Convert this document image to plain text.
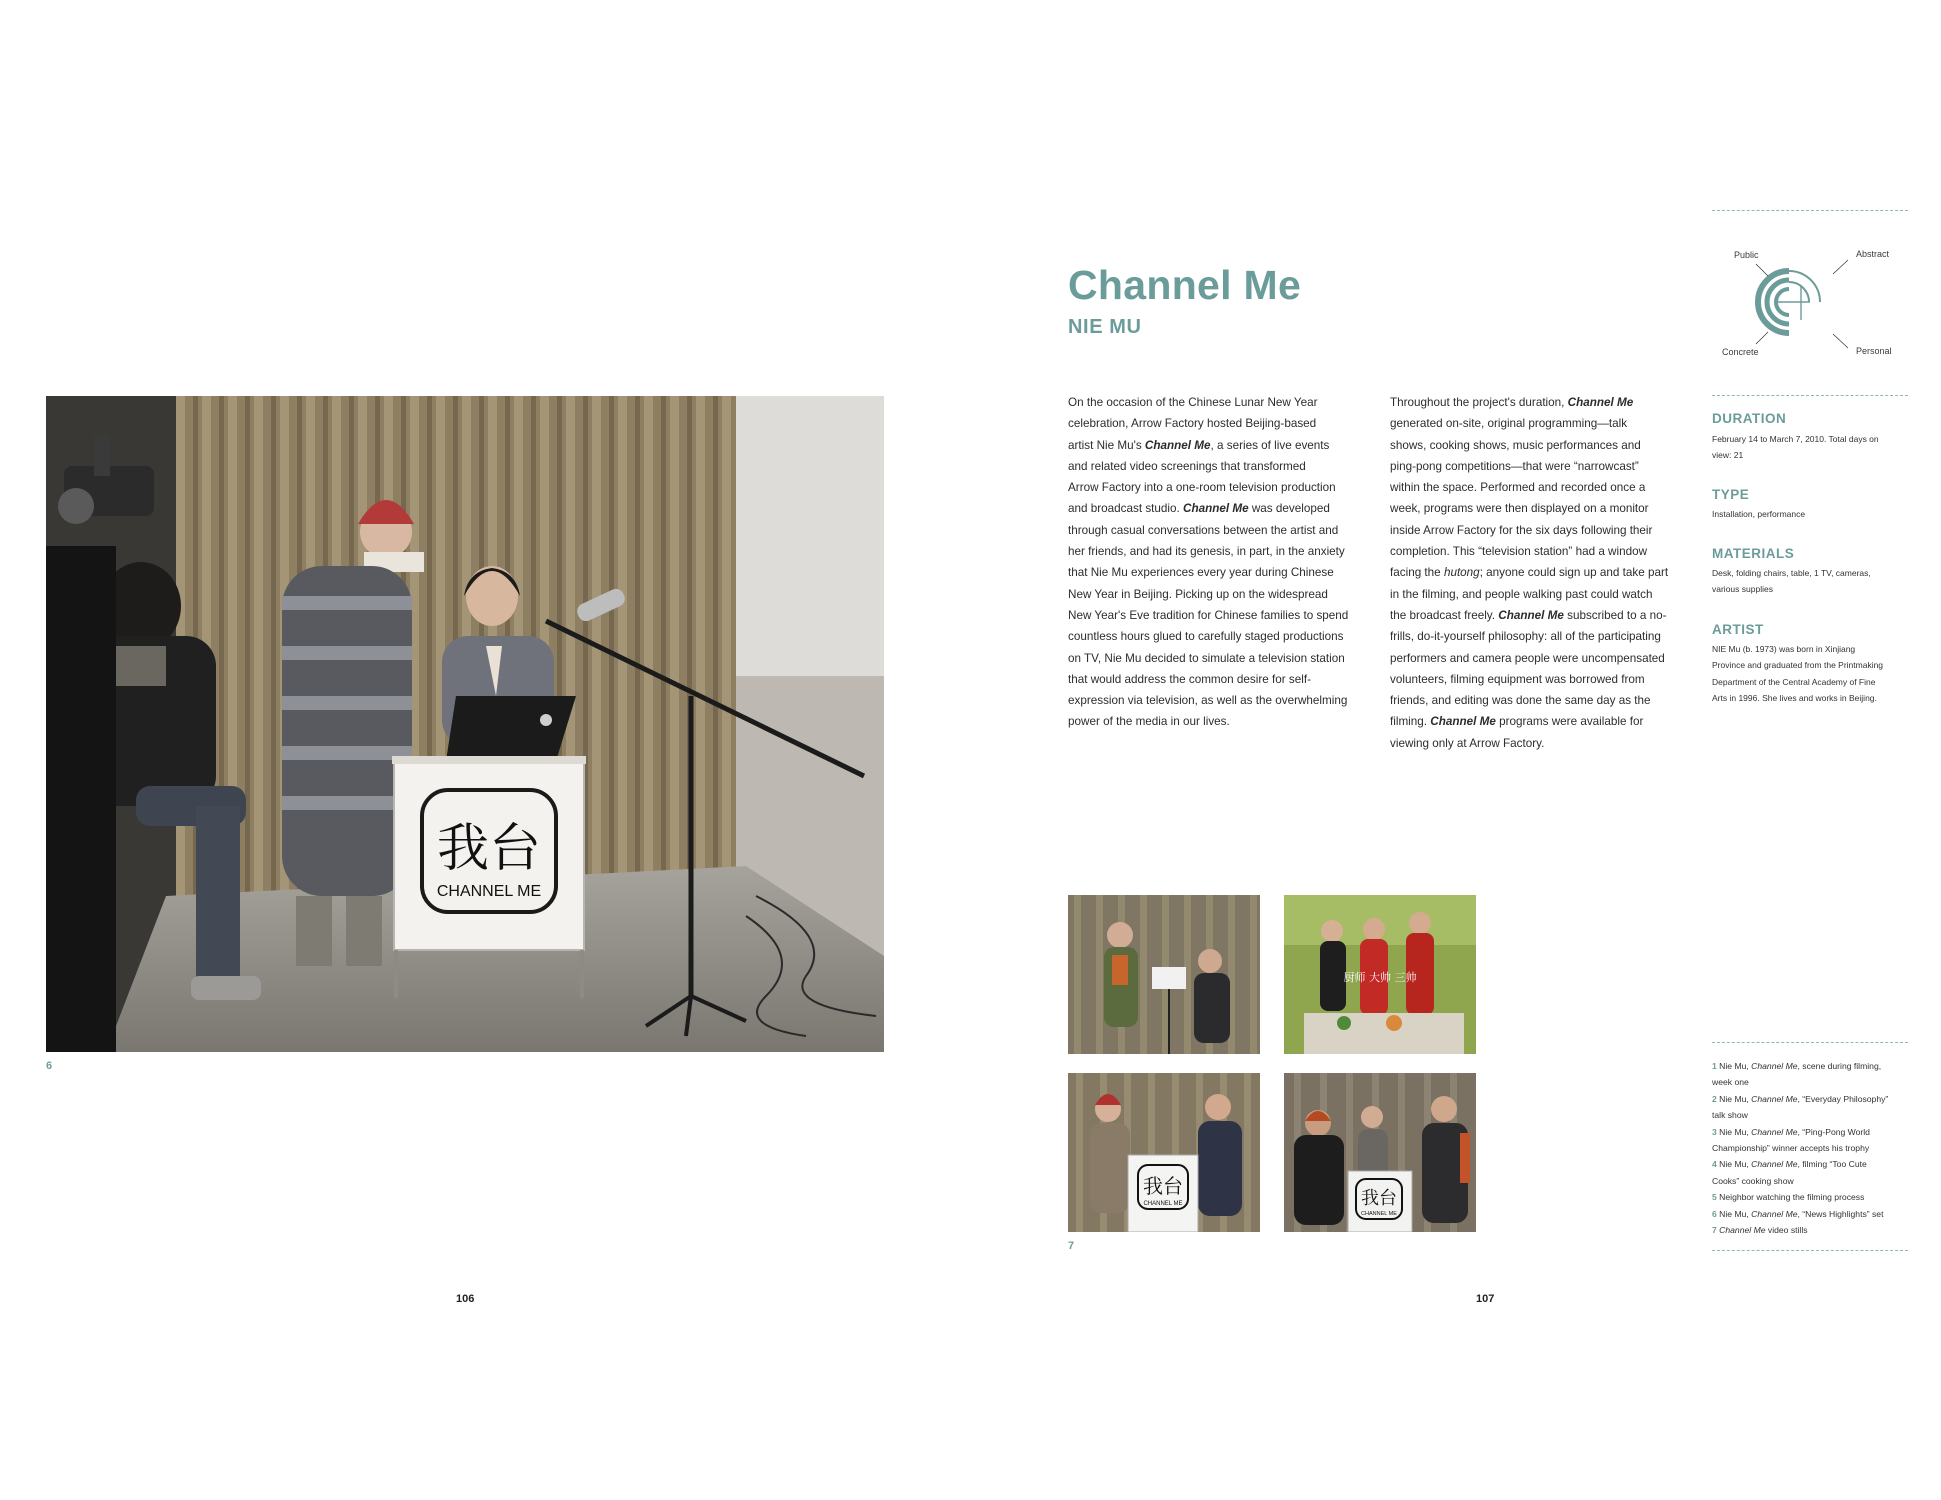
我台
CHANNEL ME
6
106
Channel Me
NIE MU
On the occasion of the Chinese Lunar New Year
celebration, Arrow Factory hosted Beijing-based
artist Nie Mu's Channel Me, a series of live events
and related video screenings that transformed
Arrow Factory into a one-room television production
and broadcast studio. Channel Me was developed
through casual conversations between the artist and
her friends, and had its genesis, in part, in the anxiety
that Nie Mu experiences every year during Chinese
New Year in Beijing. Picking up on the widespread
New Year's Eve tradition for Chinese families to spend
countless hours glued to carefully staged productions
on TV, Nie Mu decided to simulate a television station
that would address the common desire for self-
expression via television, as well as the overwhelming
power of the media in our lives.
Throughout the project's duration, Channel Me
generated on-site, original programming—talk
shows, cooking shows, music performances and
ping-pong competitions—that were “narrowcast”
within the space. Performed and recorded once a
week, programs were then displayed on a monitor
inside Arrow Factory for the six days following their
completion. This “television station” had a window
facing the hutong; anyone could sign up and take part
in the filming, and people walking past could watch
the broadcast freely. Channel Me subscribed to a no-
frills, do-it-yourself philosophy: all of the participating
performers and camera people were uncompensated
volunteers, filming equipment was borrowed from
friends, and editing was done the same day as the
filming. Channel Me programs were available for
viewing only at Arrow Factory.
厨师 大帅 三帅
我台
CHANNEL ME	我台
CHANNEL ME
7
107
Public	Abstract
Concrete	Personal
DURATION
February 14 to March 7, 2010. Total days on
view: 21
TYPE
Installation, performance
MATERIALS
Desk, folding chairs, table, 1 TV, cameras,
various supplies
ARTIST
NIE Mu (b. 1973) was born in Xinjiang
Province and graduated from the Printmaking
Department of the Central Academy of Fine
Arts in 1996. She lives and works in Beijing.
1 Nie Mu, Channel Me, scene during filming,
week one
2 Nie Mu, Channel Me, “Everyday Philosophy”
talk show
3 Nie Mu, Channel Me, “Ping-Pong World
Championship” winner accepts his trophy
4 Nie Mu, Channel Me, filming “Too Cute
Cooks” cooking show
5 Neighbor watching the filming process
6 Nie Mu, Channel Me, “News Highlights” set
7 Channel Me video stills
